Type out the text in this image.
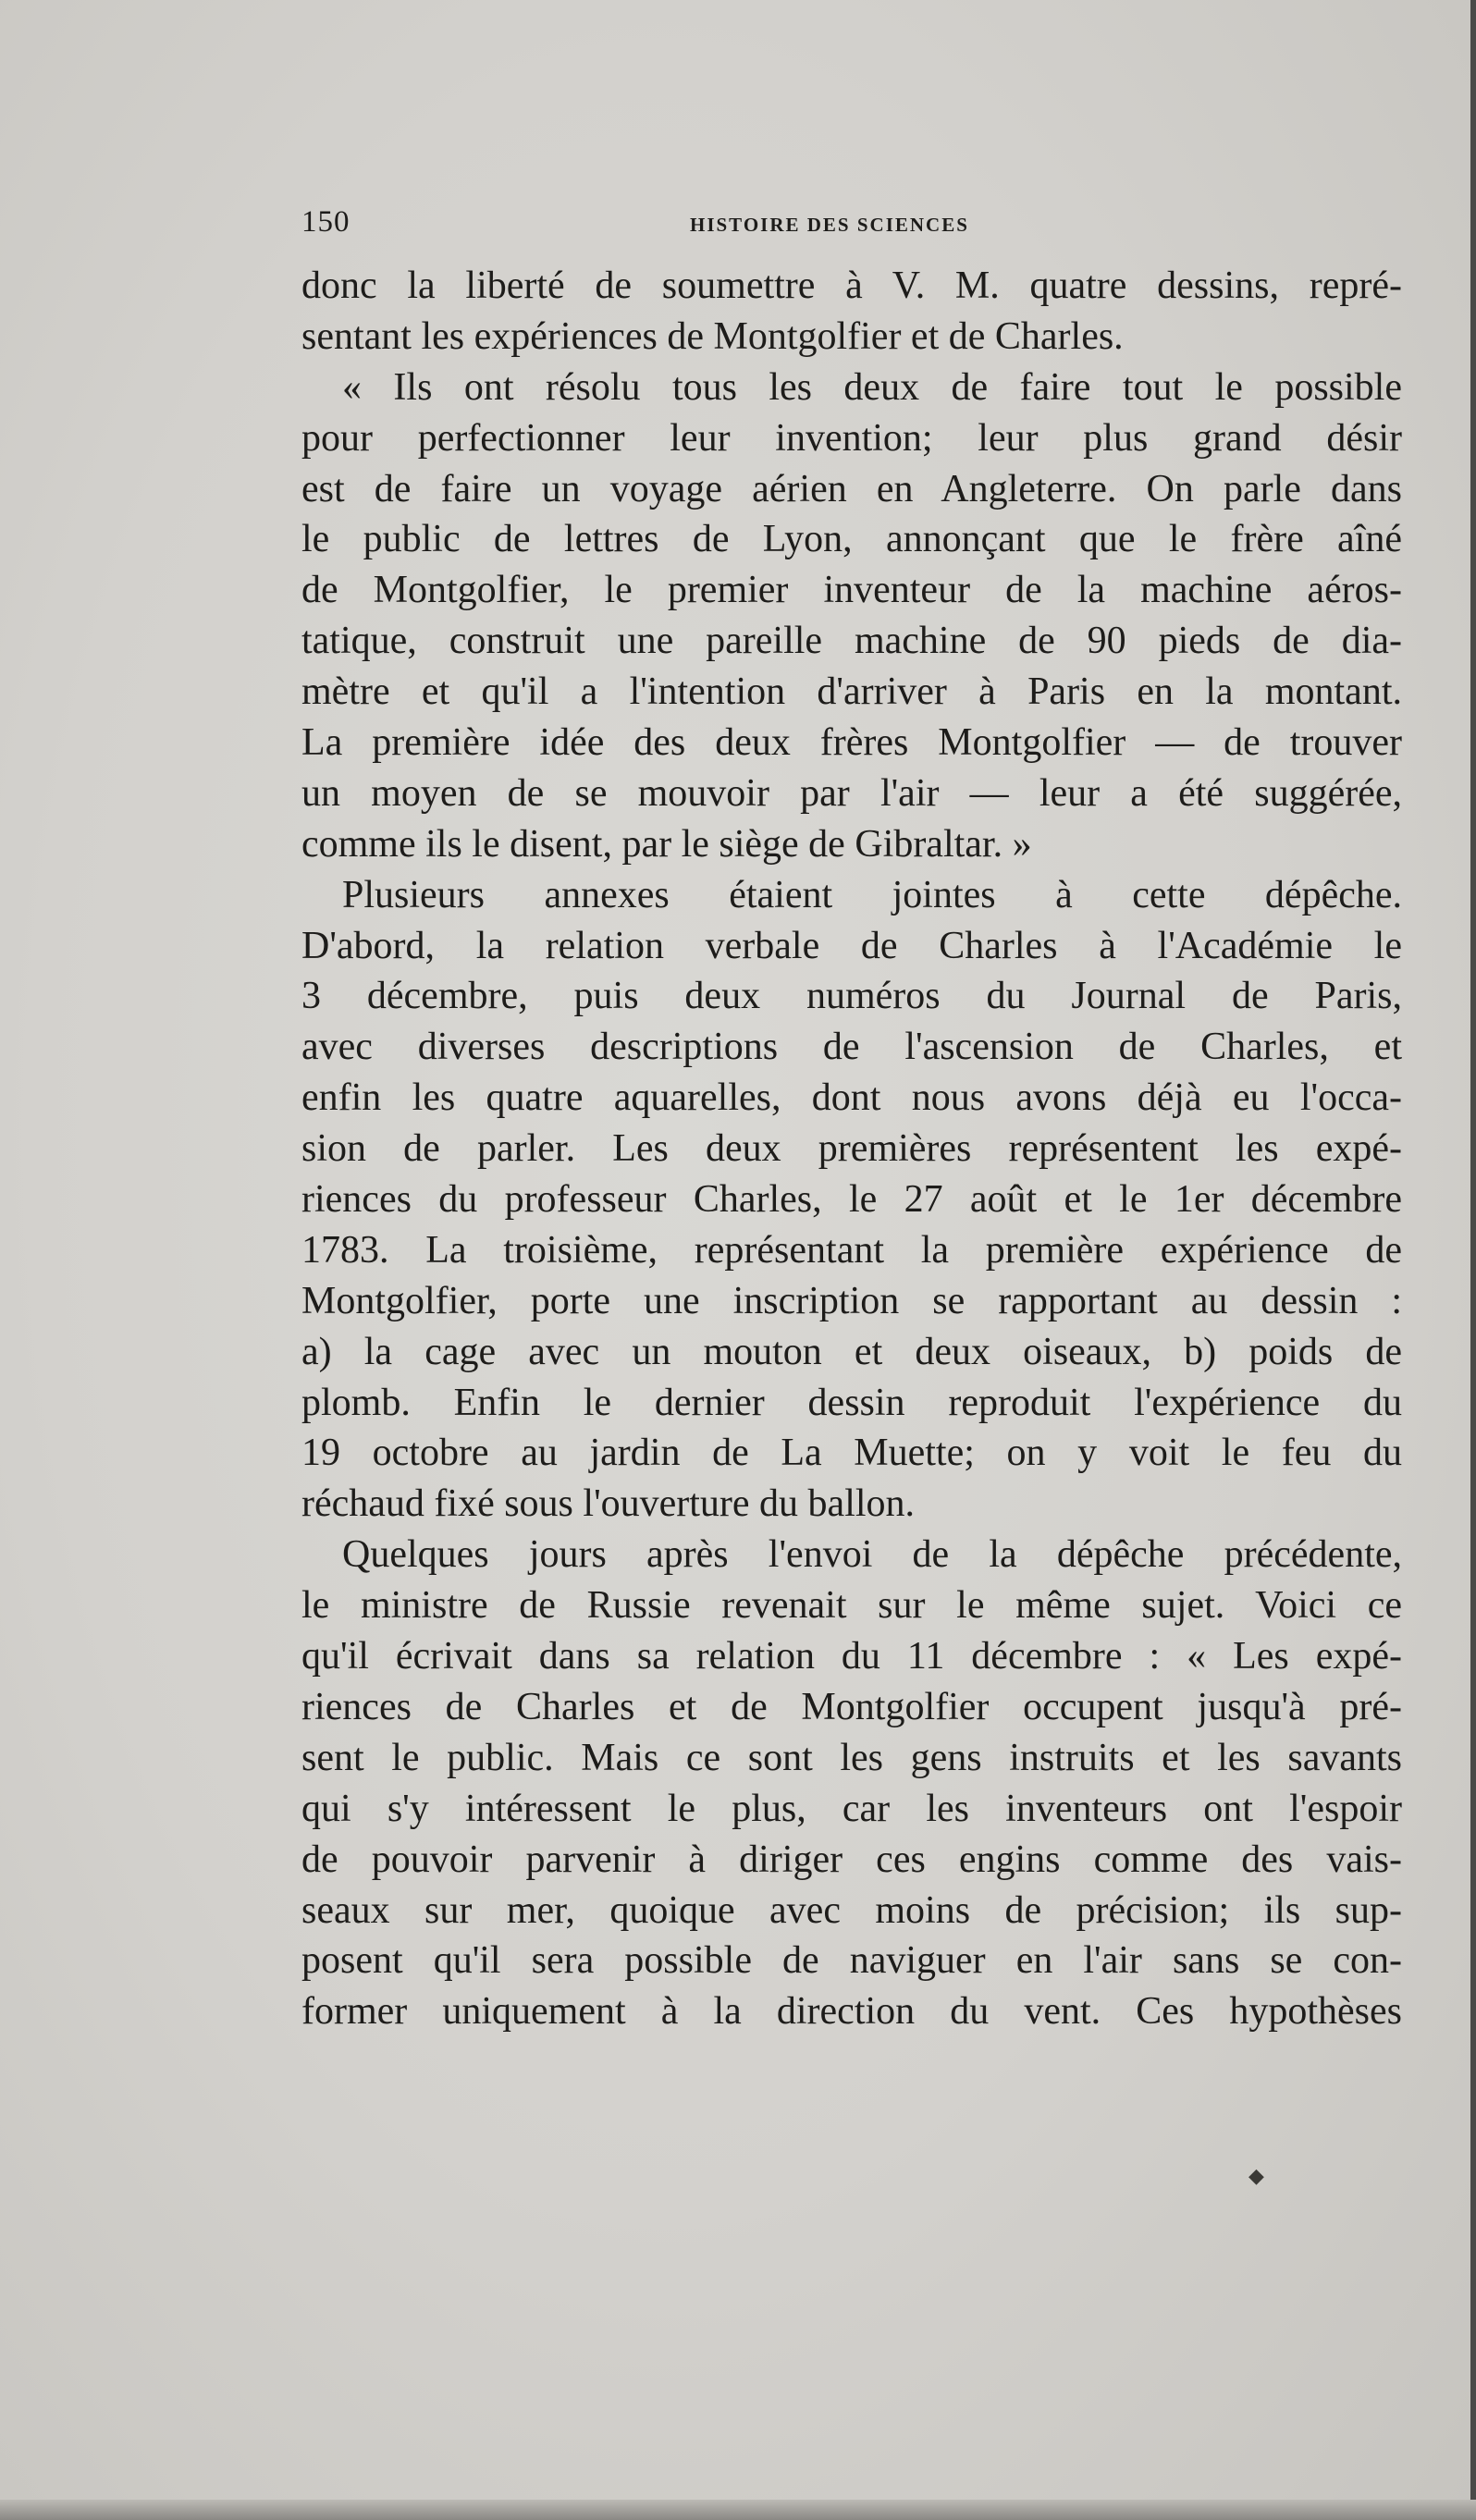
150	HISTOIRE DES SCIENCES
donc la liberté de soumettre à V. M. quatre dessins, repré-
sentant les expériences de Montgolfier et de Charles.
« Ils ont résolu tous les deux de faire tout le possible
pour perfectionner leur invention; leur plus grand désir
est de faire un voyage aérien en Angleterre. On parle dans
le public de lettres de Lyon, annonçant que le frère aîné
de Montgolfier, le premier inventeur de la machine aéros-
tatique, construit une pareille machine de 90 pieds de dia-
mètre et qu'il a l'intention d'arriver à Paris en la montant.
La première idée des deux frères Montgolfier — de trouver
un moyen de se mouvoir par l'air — leur a été suggérée,
comme ils le disent, par le siège de Gibraltar. »
Plusieurs annexes étaient jointes à cette dépêche.
D'abord, la relation verbale de Charles à l'Académie le
3 décembre, puis deux numéros du Journal de Paris,
avec diverses descriptions de l'ascension de Charles, et
enfin les quatre aquarelles, dont nous avons déjà eu l'occa-
sion de parler. Les deux premières représentent les expé-
riences du professeur Charles, le 27 août et le 1er décembre
1783. La troisième, représentant la première expérience de
Montgolfier, porte une inscription se rapportant au dessin :
a) la cage avec un mouton et deux oiseaux, b) poids de
plomb. Enfin le dernier dessin reproduit l'expérience du
19 octobre au jardin de La Muette; on y voit le feu du
réchaud fixé sous l'ouverture du ballon.
Quelques jours après l'envoi de la dépêche précédente,
le ministre de Russie revenait sur le même sujet. Voici ce
qu'il écrivait dans sa relation du 11 décembre : « Les expé-
riences de Charles et de Montgolfier occupent jusqu'à pré-
sent le public. Mais ce sont les gens instruits et les savants
qui s'y intéressent le plus, car les inventeurs ont l'espoir
de pouvoir parvenir à diriger ces engins comme des vais-
seaux sur mer, quoique avec moins de précision; ils sup-
posent qu'il sera possible de naviguer en l'air sans se con-
former uniquement à la direction du vent. Ces hypothèses
◆
